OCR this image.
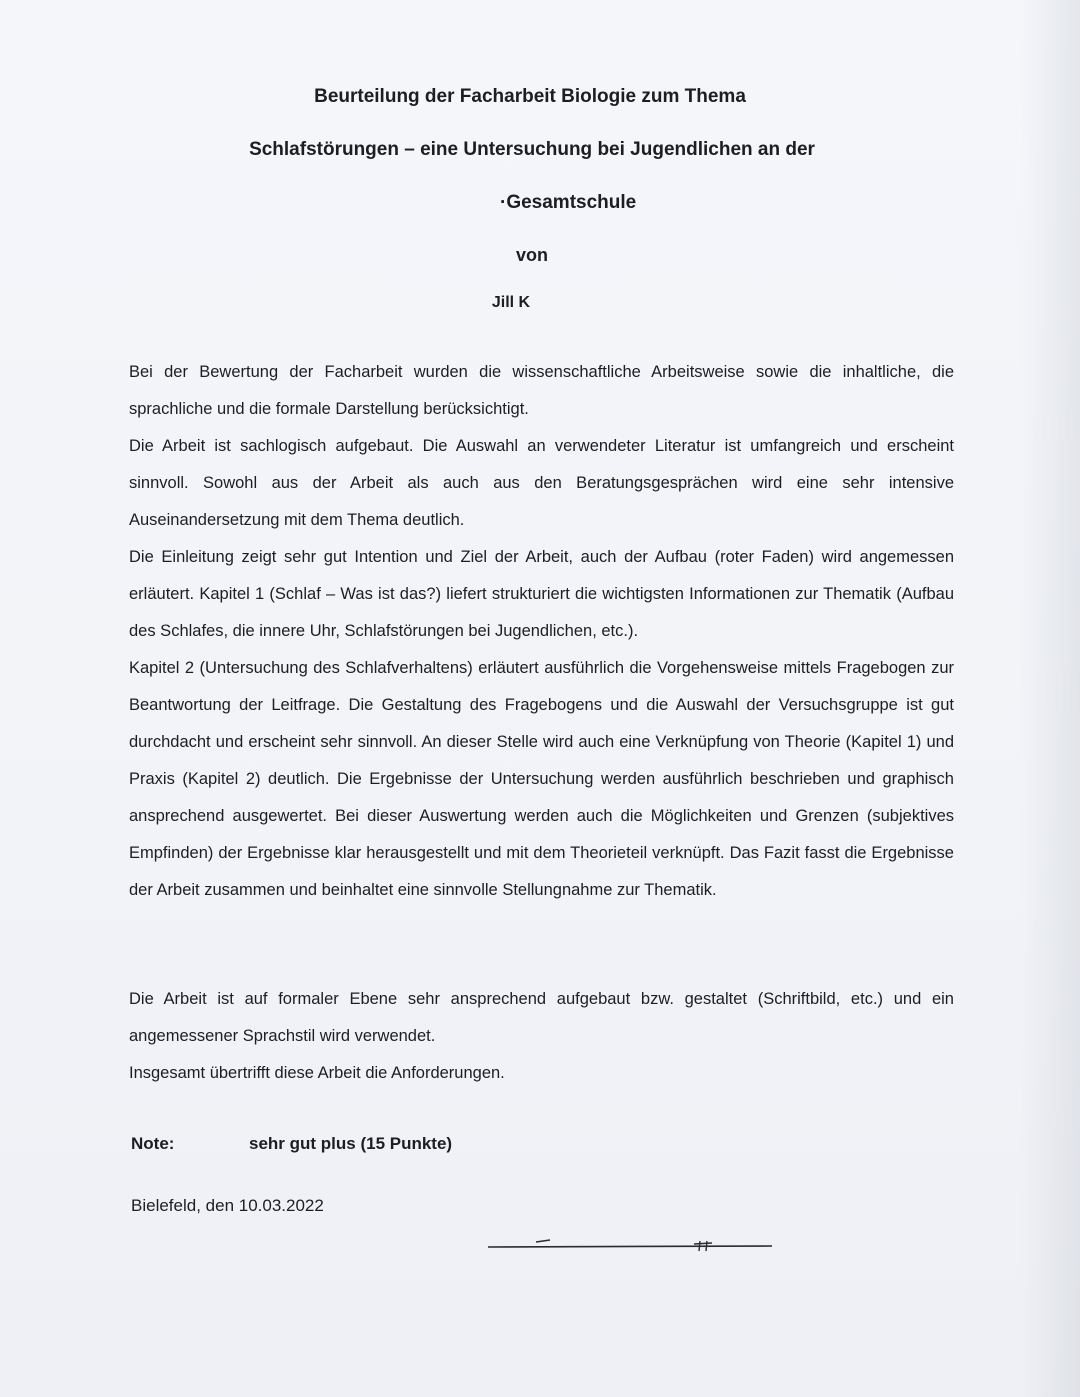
Beurteilung der Facharbeit Biologie zum Thema
Schlafstörungen – eine Untersuchung bei Jugendlichen an der
·Gesamtschule
von
Jill K

Bei der Bewertung der Facharbeit wurden die wissenschaftliche Arbeitsweise sowie die inhaltliche, die sprachliche und die formale Darstellung berücksichtigt.

Die Arbeit ist sachlogisch aufgebaut. Die Auswahl an verwendeter Literatur ist umfangreich und erscheint sinnvoll. Sowohl aus der Arbeit als auch aus den Beratungsgesprächen wird eine sehr intensive Auseinandersetzung mit dem Thema deutlich.

Die Einleitung zeigt sehr gut Intention und Ziel der Arbeit, auch der Aufbau (roter Faden) wird angemessen erläutert. Kapitel 1 (Schlaf – Was ist das?) liefert strukturiert die wichtigsten Informationen zur Thematik (Aufbau des Schlafes, die innere Uhr, Schlafstörungen bei Jugendlichen, etc.).

Kapitel 2 (Untersuchung des Schlafverhaltens) erläutert ausführlich die Vorgehensweise mittels Fragebogen zur Beantwortung der Leitfrage. Die Gestaltung des Fragebogens und die Auswahl der Versuchsgruppe ist gut durchdacht und erscheint sehr sinnvoll. An dieser Stelle wird auch eine Verknüpfung von Theorie (Kapitel 1) und Praxis (Kapitel 2) deutlich. Die Ergebnisse der Untersuchung werden ausführlich beschrieben und graphisch ansprechend ausgewertet. Bei dieser Auswertung werden auch die Möglichkeiten und Grenzen (subjektives Empfinden) der Ergebnisse klar herausgestellt und mit dem Theorieteil verknüpft. Das Fazit fasst die Ergebnisse der Arbeit zusammen und beinhaltet eine sinnvolle Stellungnahme zur Thematik.

Die Arbeit ist auf formaler Ebene sehr ansprechend aufgebaut bzw. gestaltet (Schriftbild, etc.) und ein angemessener Sprachstil wird verwendet.

Insgesamt übertrifft diese Arbeit die Anforderungen.

Note:	sehr gut plus (15 Punkte)
Bielefeld, den 10.03.2022
